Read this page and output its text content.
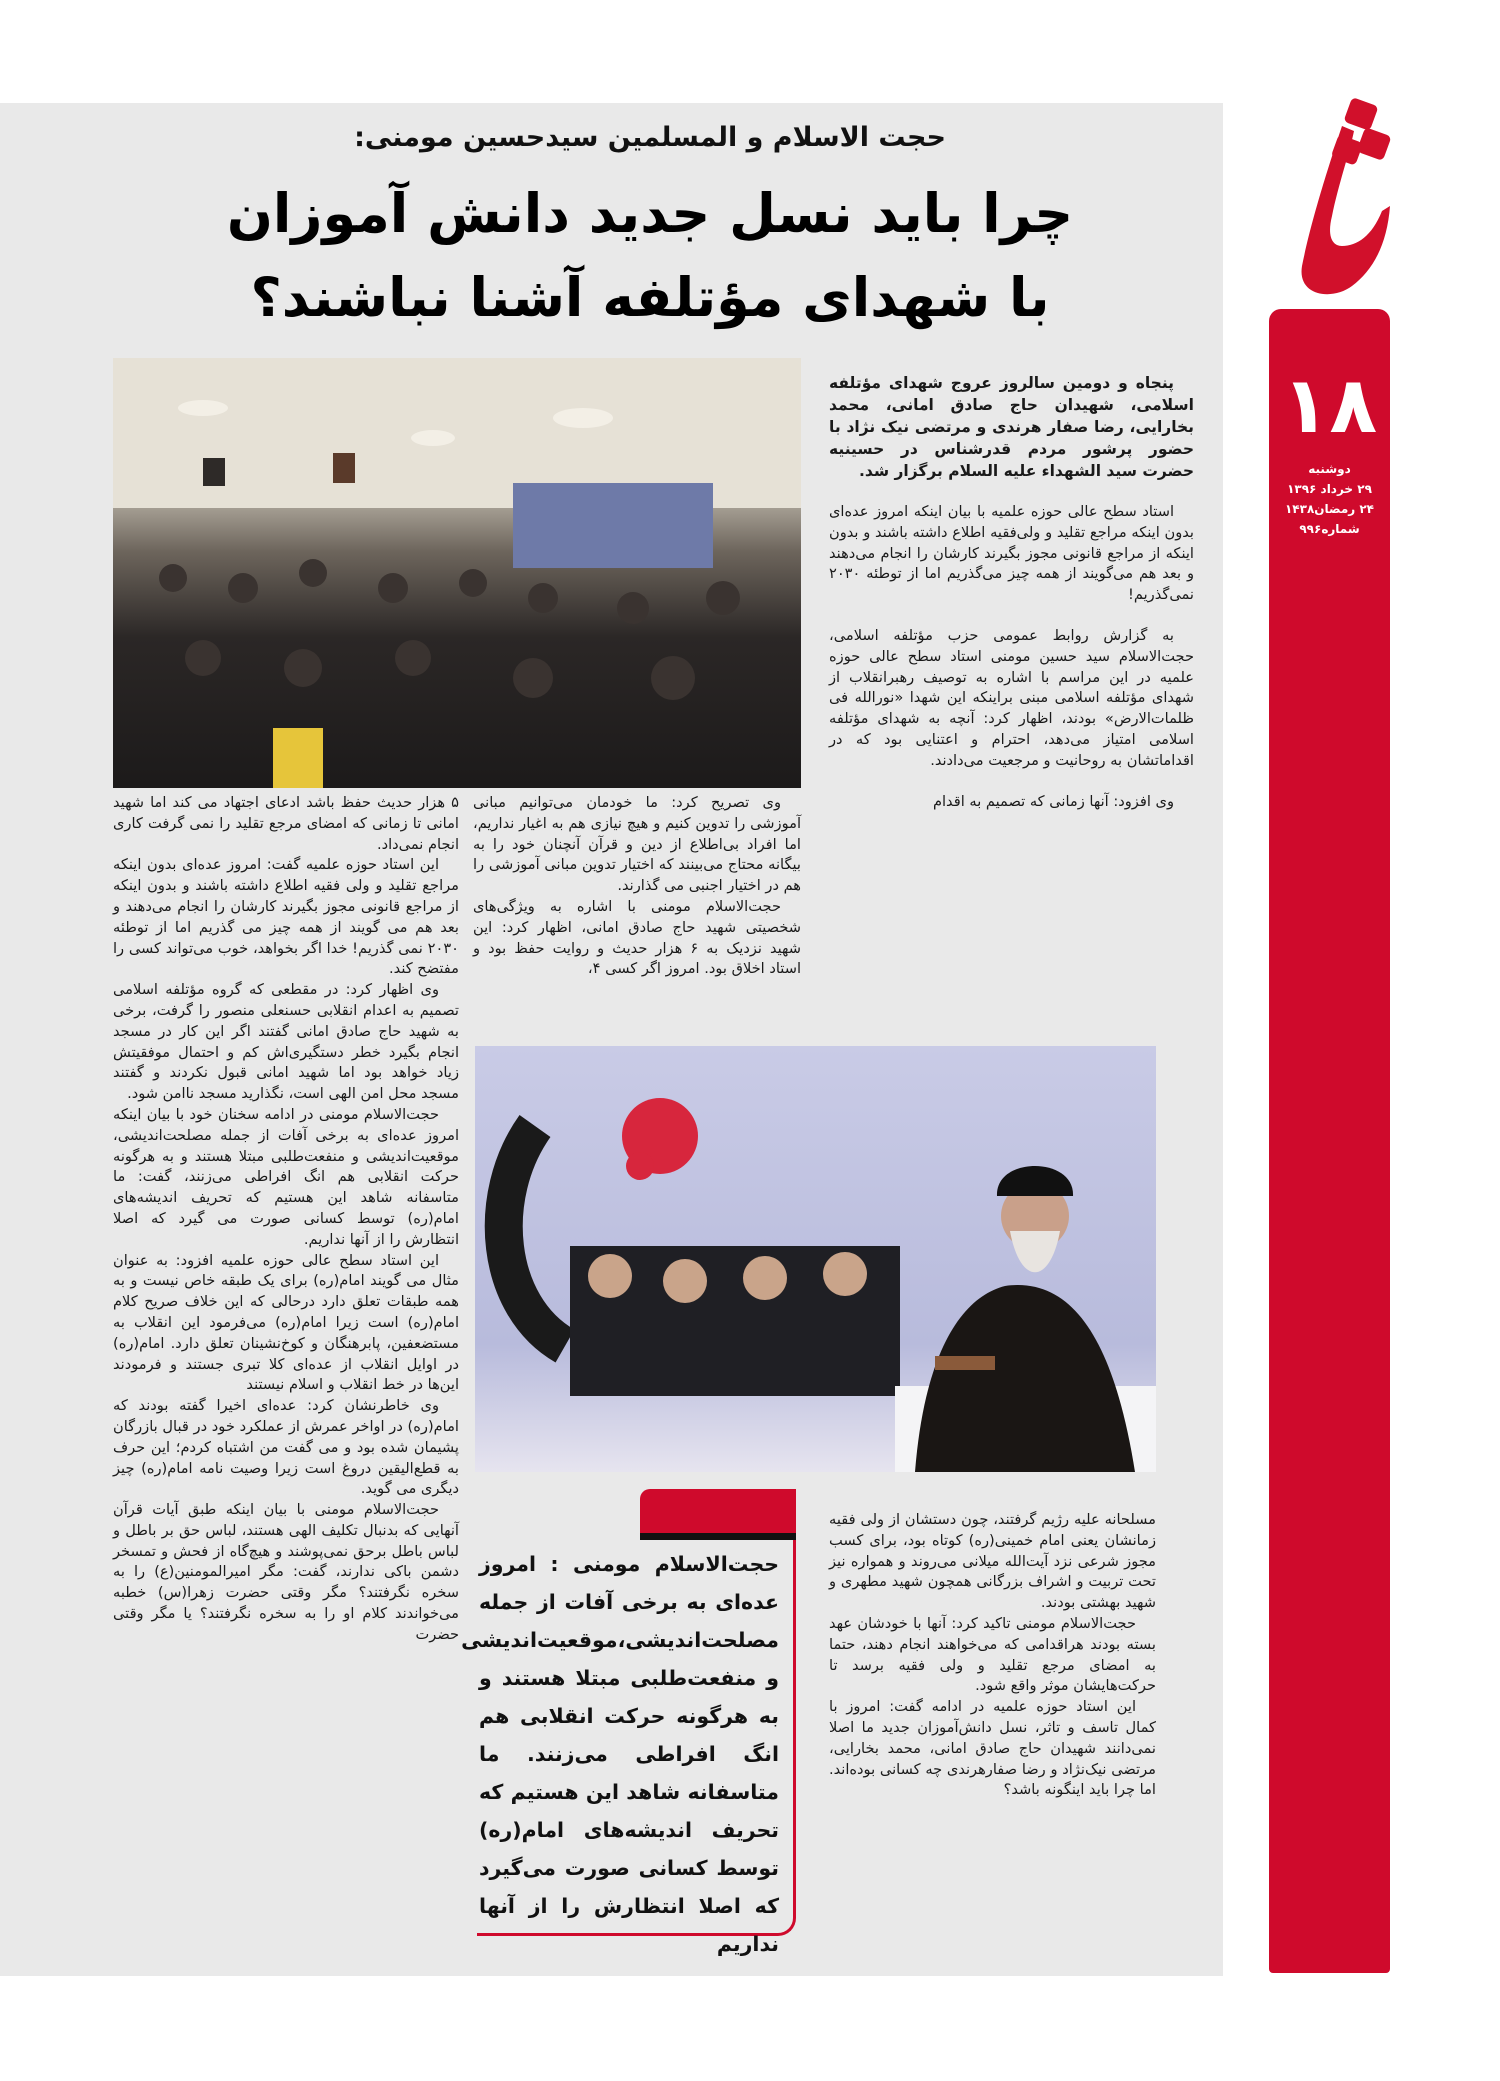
۱۸
دوشنبه
۲۹ خرداد ۱۳۹۶
۲۴ رمضان۱۴۳۸
شماره۹۹۶
حجت الاسلام و المسلمین سیدحسین مومنی:
چرا باید نسل جدید دانش آموزان
با شهدای مؤتلفه آشنا نباشند؟

پنجاه و دومین سالروز عروج شهدای مؤتلفه اسلامی، شهیدان حاج صادق امانی، محمد بخارایی، رضا صفار هرندی و مرتضی نیک نژاد با حضور پرشور مردم قدرشناس در حسینیه حضرت سید الشهداء علیه السلام برگزار شد.

استاد سطح عالی حوزه علمیه با بیان اینکه امروز عده‌ای بدون اینکه مراجع تقلید و ولی‌فقیه اطلاع داشته باشند و بدون اینکه از مراجع قانونی مجوز بگیرند کارشان را انجام می‌دهند و بعد هم می‌گویند از همه چیز می‌گذریم اما از توطئه ۲۰۳۰ نمی‌گذریم!

به گزارش روابط عمومی حزب مؤتلفه اسلامی، حجت‌الاسلام سید حسین مومنی استاد سطح عالی حوزه علمیه در این مراسم با اشاره به توصیف رهبرانقلاب از شهدای مؤتلفه اسلامی مبنی براینکه این شهدا «نورالله فی ظلمات‌الارض» بودند، اظهار کرد: آنچه به شهدای مؤتلفه اسلامی امتیاز می‌دهد، احترام و اعتنایی بود که در اقداماتشان به روحانیت و مرجعیت می‌دادند.

وی افزود: آنها زمانی که تصمیم به اقدام

وی تصریح کرد: ما خودمان می‌توانیم مبانی آموزشی را تدوین کنیم و هیچ نیازی هم به اغیار نداریم، اما افراد بی‌اطلاع از دین و قرآن آنچنان خود را به بیگانه محتاج می‌بینند که اختیار تدوین مبانی آموزشی را هم در اختیار اجنبی می گذارند.

حجت‌الاسلام مومنی با اشاره به ویژگی‌های شخصیتی شهید حاج صادق امانی، اظهار کرد: این شهید نزدیک به ۶ هزار حدیث و روایت حفظ بود و استاد اخلاق بود. امروز اگر کسی ۴،

۵ هزار حدیث حفظ باشد ادعای اجتهاد می کند اما شهید امانی تا زمانی که امضای مرجع تقلید را نمی گرفت کاری انجام نمی‌داد.

این استاد حوزه علمیه گفت: امروز عده‌ای بدون اینکه مراجع تقلید و ولی فقیه اطلاع داشته باشند و بدون اینکه از مراجع قانونی مجوز بگیرند کارشان را انجام می‌دهند و بعد هم می گویند از همه چیز می گذریم اما از توطئه ۲۰۳۰ نمی گذریم! خدا اگر بخواهد، خوب می‌تواند کسی را مفتضح کند.

وی اظهار کرد: در مقطعی که گروه مؤتلفه اسلامی تصمیم به اعدام انقلابی حسنعلی منصور را گرفت، برخی به شهید حاج صادق امانی گفتند اگر این کار در مسجد انجام بگیرد خطر دستگیری‌اش کم و احتمال موفقیتش زیاد خواهد بود اما شهید امانی قبول نکردند و گفتند مسجد محل امن الهی است، نگذارید مسجد ناامن شود.

حجت‌الاسلام مومنی در ادامه سخنان خود با بیان اینکه امروز عده‌ای به برخی آفات از جمله مصلحت‌اندیشی، موقعیت‌اندیشی و منفعت‌طلبی مبتلا هستند و به هرگونه حرکت انقلابی هم انگ افراطی می‌زنند، گفت: ما متاسفانه شاهد این هستیم که تحریف اندیشه‌های امام(ره) توسط کسانی صورت می گیرد که اصلا انتظارش را از آنها نداریم.

این استاد سطح عالی حوزه علمیه افزود: به عنوان مثال می گویند امام(ره) برای یک طبقه خاص نیست و به همه طبقات تعلق دارد درحالی که این خلاف صریح کلام امام(ره) است زیرا امام(ره) می‌فرمود این انقلاب به مستضعفین، پابرهنگان و کوخ‌نشینان تعلق دارد. امام(ره) در اوایل انقلاب از عده‌ای کلا تبری جستند و فرمودند این‌ها در خط انقلاب و اسلام نیستند

وی خاطرنشان کرد: عده‌ای اخیرا گفته بودند که امام(ره) در اواخر عمرش از عملکرد خود در قبال بازرگان پشیمان شده بود و می گفت من اشتباه کردم؛ این حرف به قطع‌الیقین دروغ است زیرا وصیت نامه امام(ره) چیز دیگری می گوید.

حجت‌الاسلام مومنی با بیان اینکه طبق آیات قرآن آنهایی که بدنبال تکلیف الهی هستند، لباس حق بر باطل و لباس باطل برحق نمی‌پوشند و هیچ‌گاه از فحش و تمسخر دشمن باکی ندارند، گفت: مگر امیرالمومنین(ع) را به سخره نگرفتند؟ مگر وقتی حضرت زهرا(س) خطبه می‌خواندند کلام او را به سخره نگرفتند؟ یا مگر وقتی حضرت

حجت‌الاسلام مومنی : امروز عده‌ای به برخی آفات از جمله مصلحت‌اندیشی،موقعیت‌اندیشی و منفعت‌طلبی مبتلا هستند و به هرگونه حرکت انقلابی هم انگ افراطی می‌زنند. ما متاسفانه شاهد این هستیم که تحریف اندیشه‌های امام(ره) توسط کسانی صورت می‌گیرد که اصلا انتظارش را از آنها نداریم

مسلحانه علیه رژیم گرفتند، چون دستشان از ولی فقیه زمانشان یعنی امام خمینی(ره) کوتاه بود، برای کسب مجوز شرعی نزد آیت‌الله میلانی می‌روند و همواره نیز تحت تربیت و اشراف بزرگانی همچون شهید مطهری و شهید بهشتی بودند.

حجت‌الاسلام مومنی تاکید کرد: آنها با خودشان عهد بسته بودند هراقدامی که می‌خواهند انجام دهند، حتما به امضای مرجع تقلید و ولی فقیه برسد تا حرکت‌هایشان موثر واقع شود.

این استاد حوزه علمیه در ادامه گفت: امروز با کمال تاسف و تاثر، نسل دانش‌آموزان جدید ما اصلا نمی‌دانند شهیدان حاج صادق امانی، محمد بخارایی، مرتضی نیک‌نژاد و رضا صفارهرندی چه کسانی بوده‌اند. اما چرا باید اینگونه باشد؟
